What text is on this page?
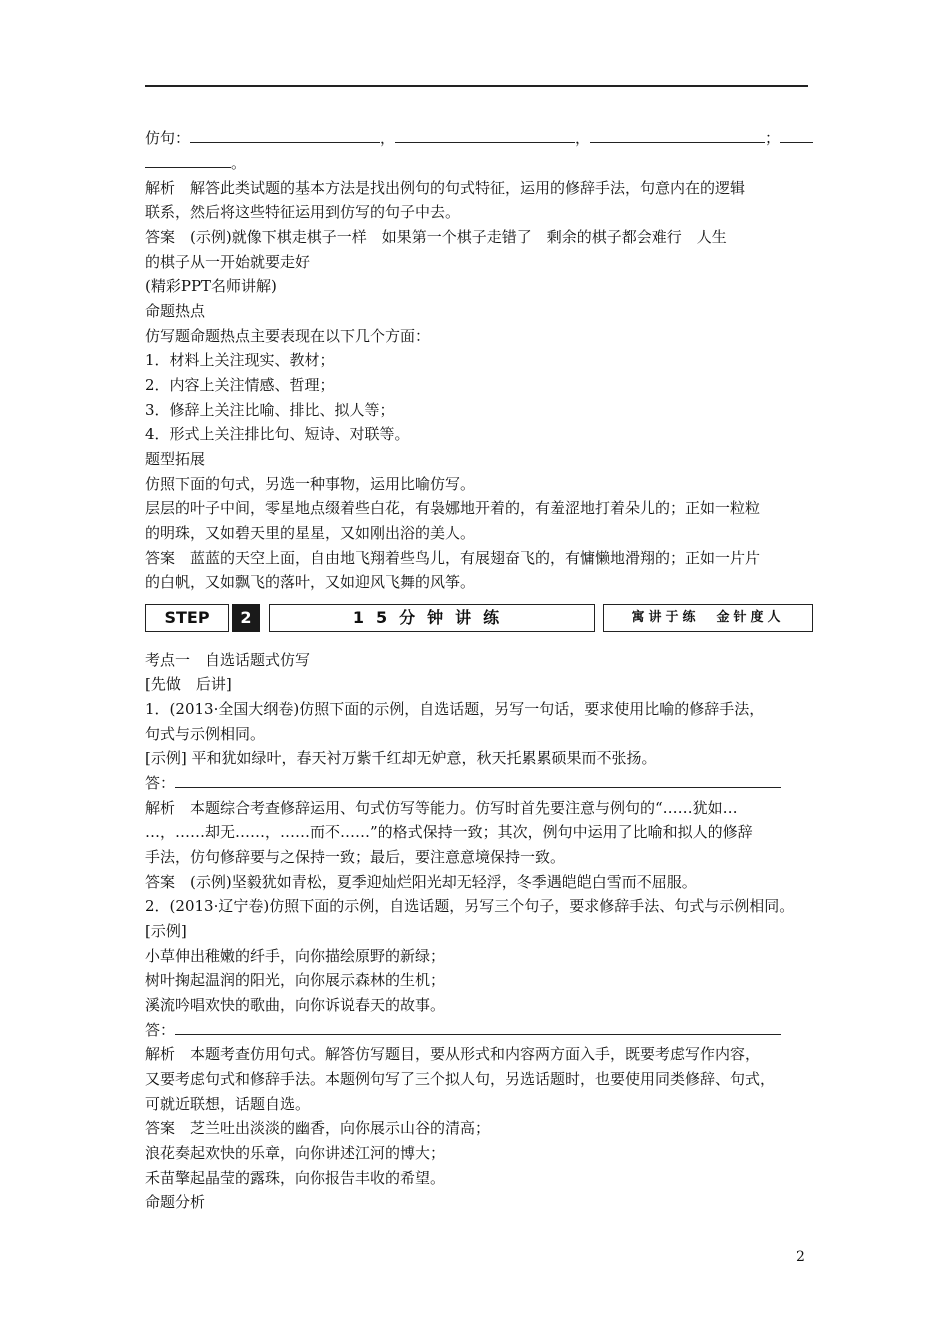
仿句：	，	，	；
。
解析　解答此类试题的基本方法是找出例句的句式特征，运用的修辞手法，句意内在的逻辑
联系，然后将这些特征运用到仿写的句子中去。
答案　(示例)就像下棋走棋子一样　如果第一个棋子走错了　剩余的棋子都会难行　人生
的棋子从一开始就要走好
(精彩PPT名师讲解)
命题热点
仿写题命题热点主要表现在以下几个方面：
1．材料上关注现实、教材；
2．内容上关注情感、哲理；
3．修辞上关注比喻、排比、拟人等；
4．形式上关注排比句、短诗、对联等。
题型拓展
仿照下面的句式，另选一种事物，运用比喻仿写。
层层的叶子中间，零星地点缀着些白花，有袅娜地开着的，有羞涩地打着朵儿的；正如一粒粒
的明珠，又如碧天里的星星，又如刚出浴的美人。
答案　蓝蓝的天空上面，自由地飞翔着些鸟儿，有展翅奋飞的，有慵懒地滑翔的；正如一片片
的白帆，又如飘飞的落叶，又如迎风飞舞的风筝。
考点一　自选话题式仿写
[先做　后讲]
1．(2013·全国大纲卷)仿照下面的示例，自选话题，另写一句话，要求使用比喻的修辞手法，
句式与示例相同。
[示例] 平和犹如绿叶，春天衬万紫千红却无妒意，秋天托累累硕果而不张扬。
答：
解析　本题综合考查修辞运用、句式仿写等能力。仿写时首先要注意与例句的“……犹如…
…，……却无……，……而不……”的格式保持一致；其次，例句中运用了比喻和拟人的修辞
手法，仿句修辞要与之保持一致；最后，要注意意境保持一致。
答案　(示例)坚毅犹如青松，夏季迎灿烂阳光却无轻浮，冬季遇皑皑白雪而不屈服。
2．(2013·辽宁卷)仿照下面的示例，自选话题，另写三个句子，要求修辞手法、句式与示例相同。
[示例]
小草伸出稚嫩的纤手，向你描绘原野的新绿；
树叶掬起温润的阳光，向你展示森林的生机；
溪流吟唱欢快的歌曲，向你诉说春天的故事。
答：
解析　本题考查仿用句式。解答仿写题目，要从形式和内容两方面入手，既要考虑写作内容，
又要考虑句式和修辞手法。本题例句写了三个拟人句，另选话题时，也要使用同类修辞、句式，
可就近联想，话题自选。
答案　芝兰吐出淡淡的幽香，向你展示山谷的清高；
浪花奏起欢快的乐章，向你讲述江河的博大；
禾苗擎起晶莹的露珠，向你报告丰收的希望。
命题分析
STEP	2	15分钟讲练	寓讲于练　金针度人
2
